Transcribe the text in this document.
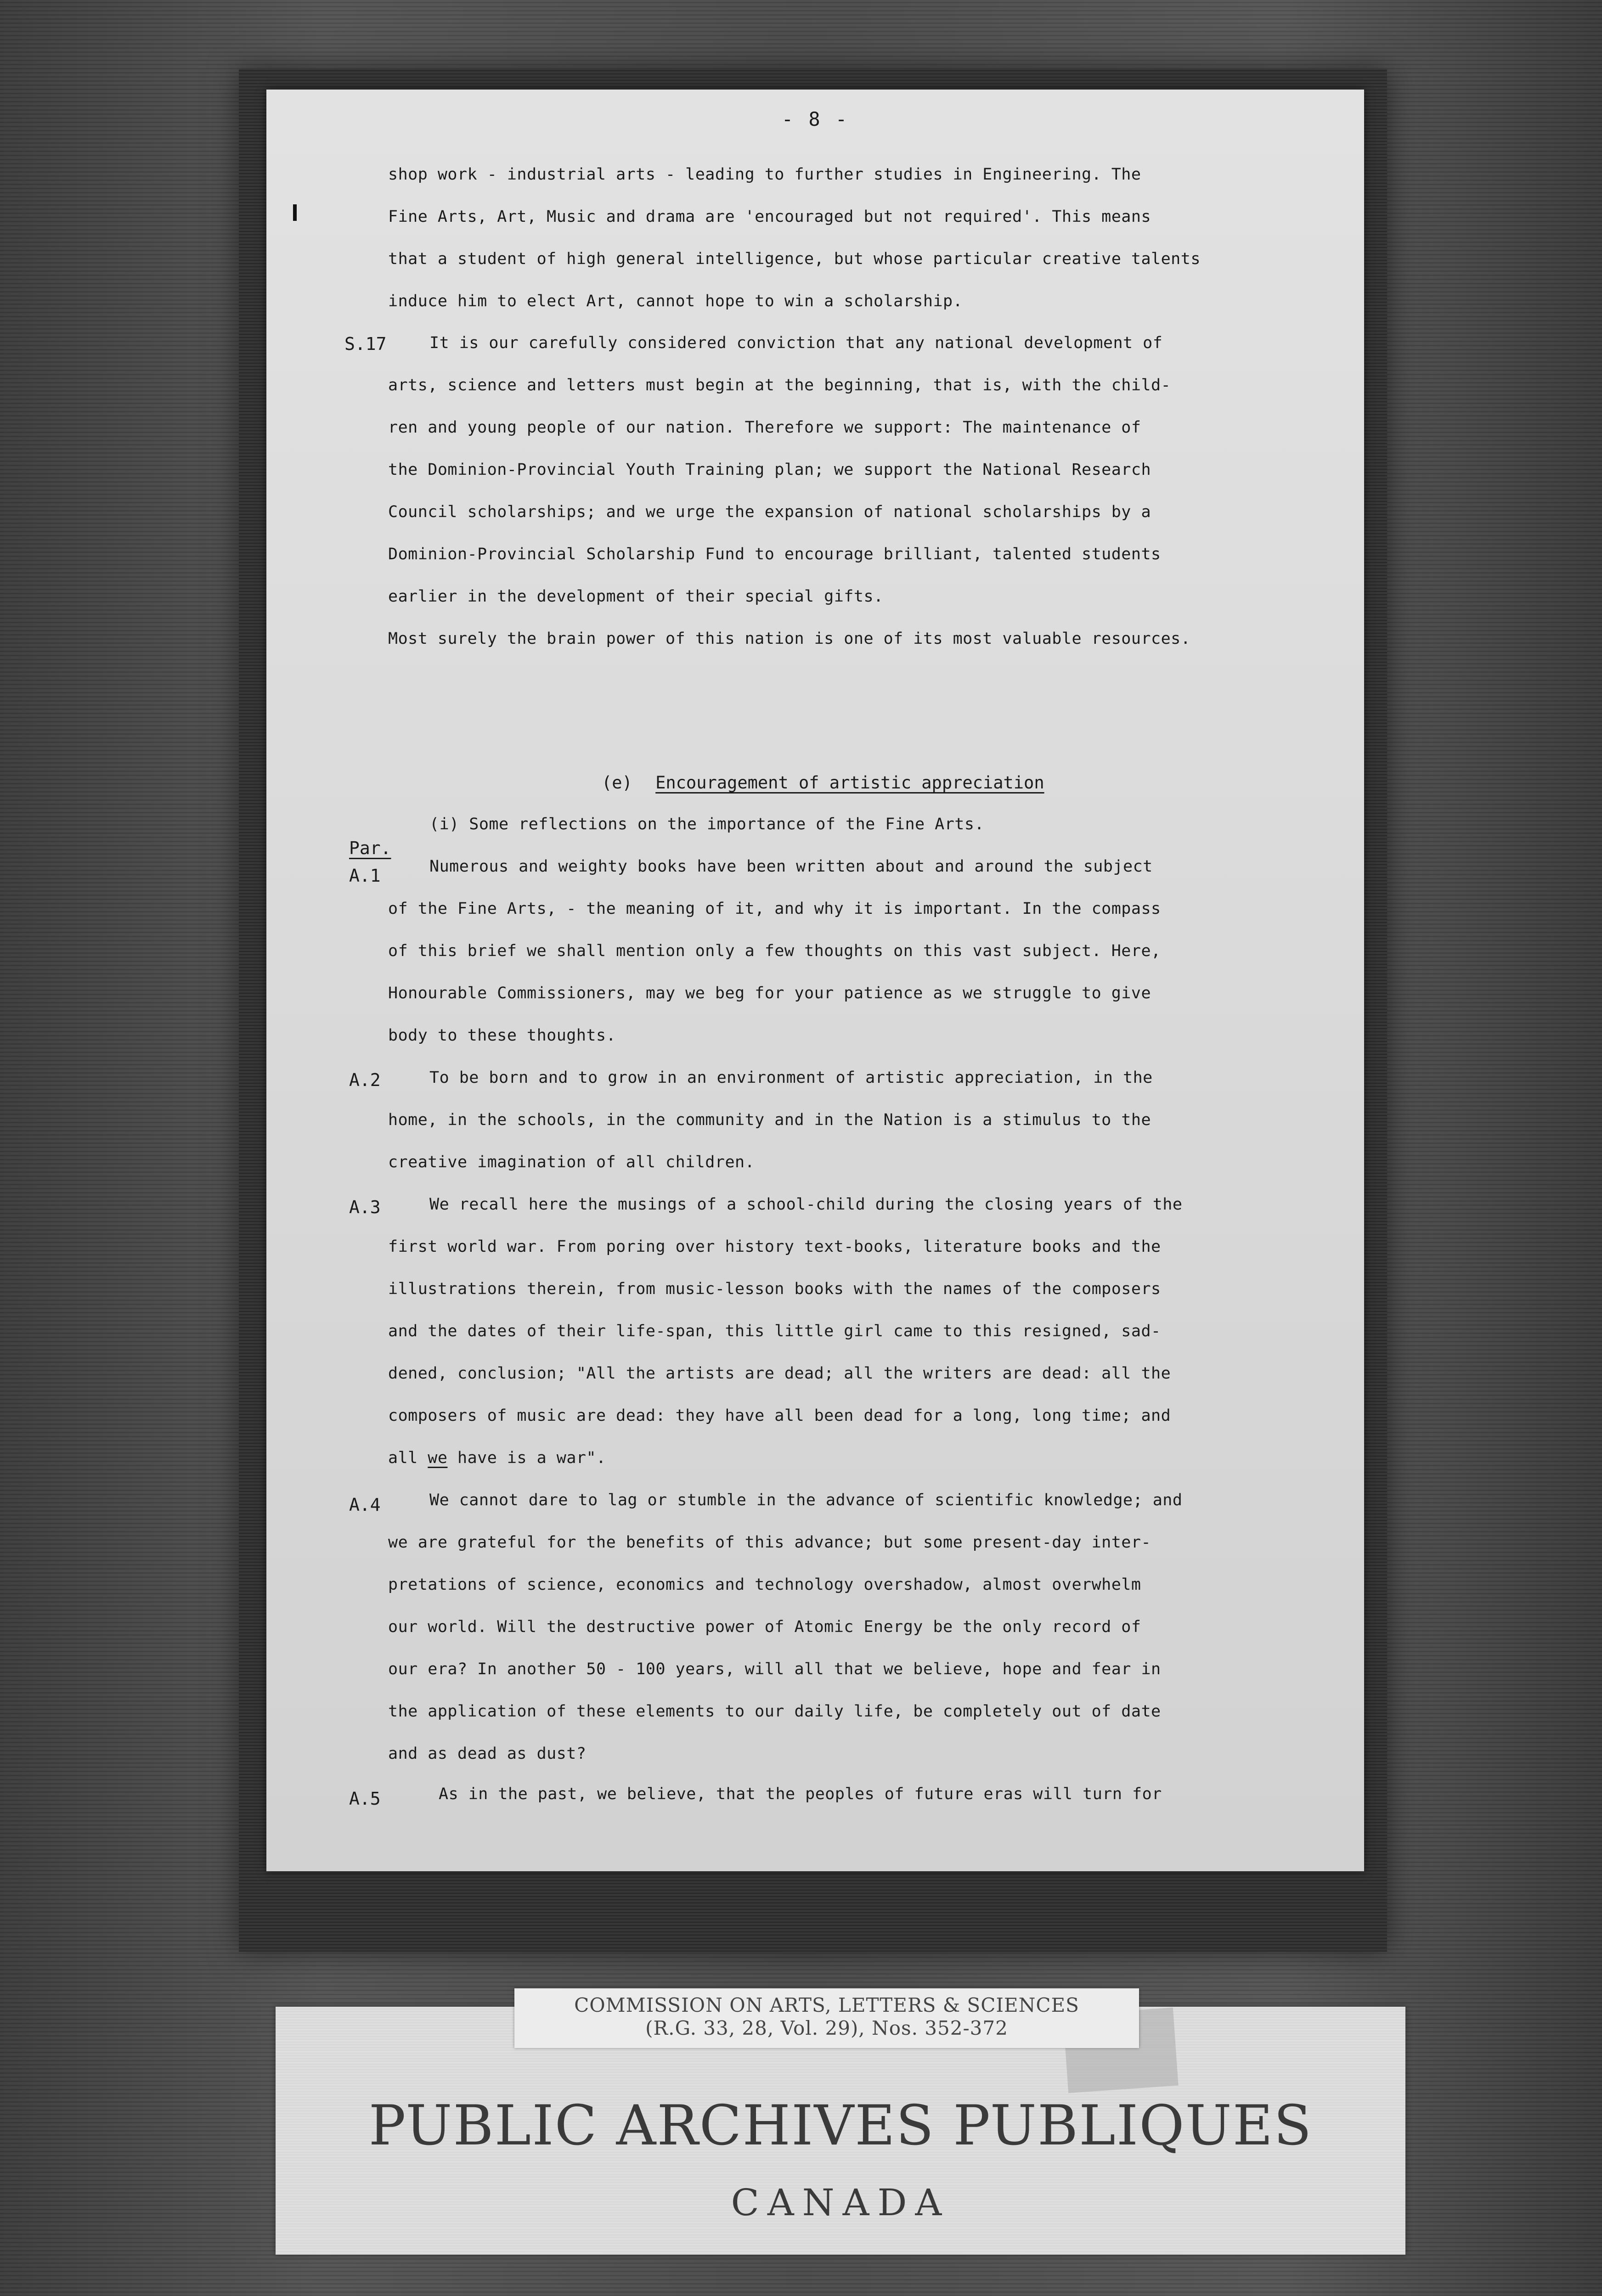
- 8 -
shop work - industrial arts - leading to further studies in Engineering. The
Fine Arts, Art, Music and drama are 'encouraged but not required'. This means
that a student of high general intelligence, but whose particular creative talents
induce him to elect Art, cannot hope to win a scholarship.
S.17	It is our carefully considered conviction that any national development of
arts, science and letters must begin at the beginning, that is, with the child-
ren and young people of our nation. Therefore we support: The maintenance of
the Dominion-Provincial Youth Training plan; we support the National Research
Council scholarships; and we urge the expansion of national scholarships by a
Dominion-Provincial Scholarship Fund to encourage brilliant, talented students
earlier in the development of their special gifts.
Most surely the brain power of this nation is one of its most valuable resources.
(e) Encouragement of artistic appreciation
(i) Some reflections on the importance of the Fine Arts.
Par.
A.1	Numerous and weighty books have been written about and around the subject
of the Fine Arts, - the meaning of it, and why it is important. In the compass
of this brief we shall mention only a few thoughts on this vast subject. Here,
Honourable Commissioners, may we beg for your patience as we struggle to give
body to these thoughts.
A.2	To be born and to grow in an environment of artistic appreciation, in the
home, in the schools, in the community and in the Nation is a stimulus to the
creative imagination of all children.
A.3	We recall here the musings of a school-child during the closing years of the
first world war. From poring over history text-books, literature books and the
illustrations therein, from music-lesson books with the names of the composers
and the dates of their life-span, this little girl came to this resigned, sad-
dened, conclusion; "All the artists are dead; all the writers are dead: all the
composers of music are dead: they have all been dead for a long, long time; and
all we have is a war".
A.4	We cannot dare to lag or stumble in the advance of scientific knowledge; and
we are grateful for the benefits of this advance; but some present-day inter-
pretations of science, economics and technology overshadow, almost overwhelm
our world. Will the destructive power of Atomic Energy be the only record of
our era? In another 50 - 100 years, will all that we believe, hope and fear in
the application of these elements to our daily life, be completely out of date
and as dead as dust?
A.5	As in the past, we believe, that the peoples of future eras will turn for
COMMISSION ON ARTS, LETTERS & SCIENCES
(R.G. 33, 28, Vol. 29), Nos. 352-372
PUBLIC ARCHIVES PUBLIQUES
CANADA
